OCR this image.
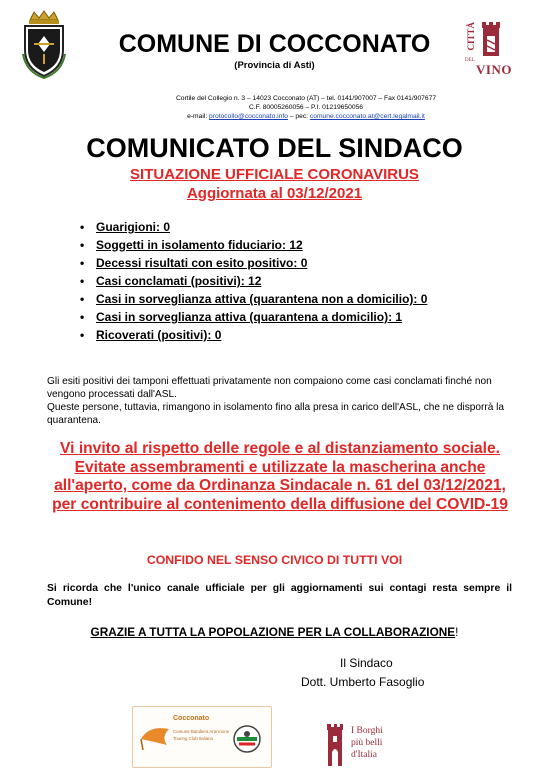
COMUNE DI COCCONATO
(Provincia di Asti)
CITTÀ
DEL
VINO
Cortile del Collegio n. 3 – 14023 Cocconato (AT) – tel. 0141/907007 – Fax 0141/907677
C.F. 80005260056 – P.I. 01219650056
e-mail: protocollo@cocconato.info – pec: comune.cocconato.at@cert.legalmail.it
COMUNICATO DEL SINDACO
SITUAZIONE UFFICIALE CORONAVIRUS
Aggiornata al 03/12/2021
• Guarigioni: 0
• Soggetti in isolamento fiduciario: 12
• Decessi risultati con esito positivo: 0
• Casi conclamati (positivi): 12
• Casi in sorveglianza attiva (quarantena non a domicilio): 0
• Casi in sorveglianza attiva (quarantena a domicilio): 1
• Ricoverati (positivi): 0
Gli esiti positivi dei tamponi effettuati privatamente non compaiono come casi conclamati finché non vengono processati dall'ASL.
Queste persone, tuttavia, rimangono in isolamento fino alla presa in carico dell'ASL, che ne disporrà la quarantena.
Vi invito al rispetto delle regole e al distanziamento sociale. Evitate assembramenti e utilizzate la mascherina anche all'aperto, come da Ordinanza Sindacale n. 61 del 03/12/2021, per contribuire al contenimento della diffusione del COVID-19
CONFIDO NEL SENSO CIVICO DI TUTTI VOI
Si ricorda che l'unico canale ufficiale per gli aggiornamenti sui contagi resta sempre il Comune!
GRAZIE A TUTTA LA POPOLAZIONE PER LA COLLABORAZIONE!
Il Sindaco
Dott. Umberto Fasoglio
Cocconato
Comune Bandiera Arancione
Touring Club Italiano
I Borghi
più belli
d'Italia
